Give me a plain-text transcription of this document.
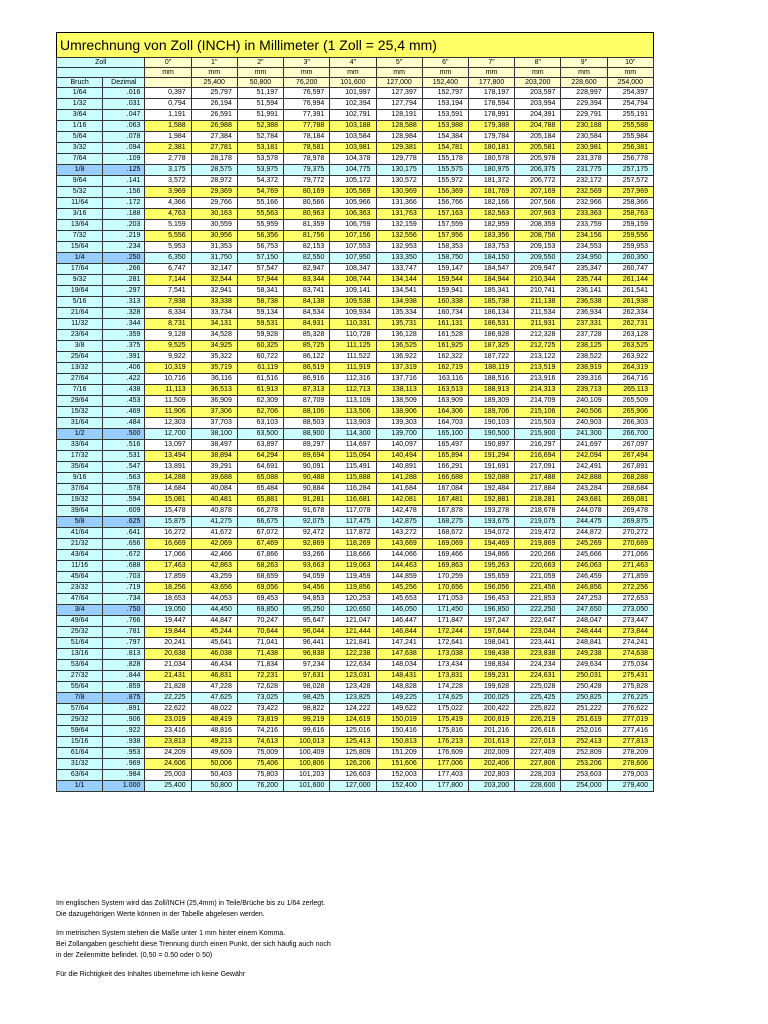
Umrechnung von Zoll (INCH) in Millimeter (1 Zoll = 25,4 mm)
Zoll		0"	1"	2"	3"	4"	5"	6"	7"	8"	9"	10"
		mm	mm	mm	mm	mm	mm	mm	mm	mm	mm	mm
Bruch	Dezimal		25,400	50,800	76,200	101,600	127,000	152,400	177,800	203,200	228,600	254,000
1/64	.016	0,397	25,797	51,197	76,597	101,997	127,397	152,797	178,197	203,597	228,997	254,397
1/32	.031	0,794	26,194	51,594	76,994	102,394	127,794	153,194	178,594	203,994	229,394	254,794
3/64	.047	1,191	26,591	51,991	77,391	102,791	128,191	153,591	178,991	204,391	229,791	255,191
1/16	.063	1,588	26,988	52,388	77,788	103,188	128,588	153,988	179,388	204,788	230,188	255,588
5/64	.078	1,984	27,384	52,784	78,184	103,584	128,984	154,384	179,784	205,184	230,584	255,984
3/32	.094	2,381	27,781	53,181	78,581	103,981	129,381	154,781	180,181	205,581	230,981	256,381
7/64	.109	2,778	28,178	53,578	78,978	104,378	129,778	155,178	180,578	205,978	231,378	256,778
1/8	.125	3,175	28,575	53,975	79,375	104,775	130,175	155,575	180,975	206,375	231,775	257,175
9/64	.141	3,572	28,972	54,372	79,772	105,172	130,572	155,972	181,372	206,772	232,172	257,572
5/32	.156	3,969	29,369	54,769	80,169	105,569	130,969	156,369	181,769	207,169	232,569	257,969
11/64	.172	4,366	29,766	55,166	80,566	105,966	131,366	156,766	182,166	207,566	232,966	258,366
3/16	.188	4,763	30,163	55,563	80,963	106,363	131,763	157,163	182,563	207,963	233,363	258,763
13/64	.203	5,159	30,559	55,959	81,359	106,759	132,159	157,559	182,959	208,359	233,759	259,159
7/32	.219	5,556	30,956	56,356	81,756	107,156	132,556	157,956	183,356	208,756	234,156	259,556
15/64	.234	5,953	31,353	56,753	82,153	107,553	132,953	158,353	183,753	209,153	234,553	259,953
1/4	.250	6,350	31,750	57,150	82,550	107,950	133,350	158,750	184,150	209,550	234,950	260,350
17/64	.266	6,747	32,147	57,547	82,947	108,347	133,747	159,147	184,547	209,947	235,347	260,747
9/32	.281	7,144	32,544	57,944	83,344	108,744	134,144	159,544	184,944	210,344	235,744	261,144
19/64	.297	7,541	32,941	58,341	83,741	109,141	134,541	159,941	185,341	210,741	236,141	261,541
5/16	.313	7,938	33,338	58,738	84,138	109,538	134,938	160,338	185,738	211,138	236,538	261,938
21/64	.328	8,334	33,734	59,134	84,534	109,934	135,334	160,734	186,134	211,534	236,934	262,334
11/32	.344	8,731	34,131	59,531	84,931	110,331	135,731	161,131	186,531	211,931	237,331	262,731
23/64	.359	9,128	34,528	59,928	85,328	110,728	136,128	161,528	186,928	212,328	237,728	263,128
3/8	.375	9,525	34,925	60,325	85,725	111,125	136,525	161,925	187,325	212,725	238,125	263,525
25/64	.391	9,922	35,322	60,722	86,122	111,522	136,922	162,322	187,722	213,122	238,522	263,922
13/32	.406	10,319	35,719	61,119	86,519	111,919	137,319	162,719	188,119	213,519	238,919	264,319
27/64	.422	10,716	36,116	61,516	86,916	112,316	137,716	163,116	188,516	213,916	239,316	264,716
7/16	.438	11,113	36,513	61,913	87,313	112,713	138,113	163,513	188,913	214,313	239,713	265,113
29/64	.453	11,509	36,909	62,309	87,709	113,109	138,509	163,909	189,309	214,709	240,109	265,509
15/32	.469	11,906	37,306	62,706	88,106	113,506	138,906	164,306	189,706	215,106	240,506	265,906
31/64	.484	12,303	37,703	63,103	88,503	113,903	139,303	164,703	190,103	215,503	240,903	266,303
1/2	.500	12,700	38,100	63,500	88,900	114,300	139,700	165,100	190,500	215,900	241,300	266,700
33/64	.516	13,097	38,497	63,897	89,297	114,697	140,097	165,497	190,897	216,297	241,697	267,097
17/32	.531	13,494	38,894	64,294	89,694	115,094	140,494	165,894	191,294	216,694	242,094	267,494
35/64	.547	13,891	39,291	64,691	90,091	115,491	140,891	166,291	191,691	217,091	242,491	267,891
9/16	.563	14,288	39,688	65,088	90,488	115,888	141,288	166,688	192,088	217,488	242,888	268,288
37/64	.578	14,684	40,084	65,484	90,884	116,284	141,684	167,084	192,484	217,884	243,284	268,684
19/32	.594	15,081	40,481	65,881	91,281	116,681	142,081	167,481	192,881	218,281	243,681	269,081
39/64	.609	15,478	40,878	66,278	91,678	117,078	142,478	167,878	193,278	218,678	244,078	269,478
5/8	.625	15,875	41,275	66,675	92,075	117,475	142,875	168,275	193,675	219,075	244,475	269,875
41/64	.641	16,272	41,672	67,072	92,472	117,872	143,272	168,672	194,072	219,472	244,872	270,272
21/32	.656	16,669	42,069	67,469	92,869	118,269	143,669	169,069	194,469	219,869	245,269	270,669
43/64	.672	17,066	42,466	67,866	93,266	118,666	144,066	169,466	194,866	220,266	245,666	271,066
11/16	.688	17,463	42,863	68,263	93,663	119,063	144,463	169,863	195,263	220,663	246,063	271,463
45/64	.703	17,859	43,259	68,659	94,059	119,459	144,859	170,259	195,659	221,059	246,459	271,859
23/32	.719	18,256	43,656	69,056	94,456	119,856	145,256	170,656	196,056	221,456	246,856	272,256
47/64	.734	18,653	44,053	69,453	94,853	120,253	145,653	171,053	196,453	221,853	247,253	272,653
3/4	.750	19,050	44,450	69,850	95,250	120,650	146,050	171,450	196,850	222,250	247,650	273,050
49/64	.766	19,447	44,847	70,247	95,647	121,047	146,447	171,847	197,247	222,647	248,047	273,447
25/32	.781	19,844	45,244	70,644	96,044	121,444	146,844	172,244	197,644	223,044	248,444	273,844
51/64	.797	20,241	45,641	71,041	96,441	121,841	147,241	172,641	198,041	223,441	248,841	274,241
13/16	.813	20,638	46,038	71,438	96,838	122,238	147,638	173,038	198,438	223,838	249,238	274,638
53/64	.828	21,034	46,434	71,834	97,234	122,634	148,034	173,434	198,834	224,234	249,634	275,034
27/32	.844	21,431	46,831	72,231	97,631	123,031	148,431	173,831	199,231	224,631	250,031	275,431
55/64	.859	21,828	47,228	72,628	98,028	123,428	148,828	174,228	199,628	225,028	250,428	275,828
7/8	.875	22,225	47,625	73,025	98,425	123,825	149,225	174,625	200,025	225,425	250,825	276,225
57/64	.891	22,622	48,022	73,422	98,822	124,222	149,622	175,022	200,422	225,822	251,222	276,622
29/32	.906	23,019	48,419	73,819	99,219	124,619	150,019	175,419	200,819	226,219	251,619	277,019
59/64	.922	23,416	48,816	74,216	99,616	125,016	150,416	175,816	201,216	226,616	252,016	277,416
15/16	.938	23,813	49,213	74,613	100,013	125,413	150,813	176,213	201,613	227,013	252,413	277,813
61/64	.953	24,209	49,609	75,009	100,409	125,809	151,209	176,609	202,009	227,409	252,809	278,209
31/32	.969	24,606	50,006	75,406	100,806	126,206	151,606	177,006	202,406	227,806	253,206	278,606
63/64	.984	25,003	50,403	75,803	101,203	126,603	152,003	177,403	202,803	228,203	253,603	279,003
1/1	1.000	25,400	50,800	76,200	101,600	127,000	152,400	177,800	203,200	228,600	254,000	279,400

Im englischen System wird das Zoll/INCH (25,4mm) in Teile/Brüche bis zu 1/64 zerlegt.
Die dazugehörigen Werte können in der Tabelle abgelesen werden.

Im metrischen System stehen die Maße unter 1 mm hinter einem Komma.
Bei Zollangaben geschieht diese Trennung durch einen Punkt, der sich häufig auch noch
in der Zeilenmitte befindet. (0,50 = 0.50 oder 0·50)

Für die Richtigkeit des Inhaltes übernehme ich keine Gewähr
